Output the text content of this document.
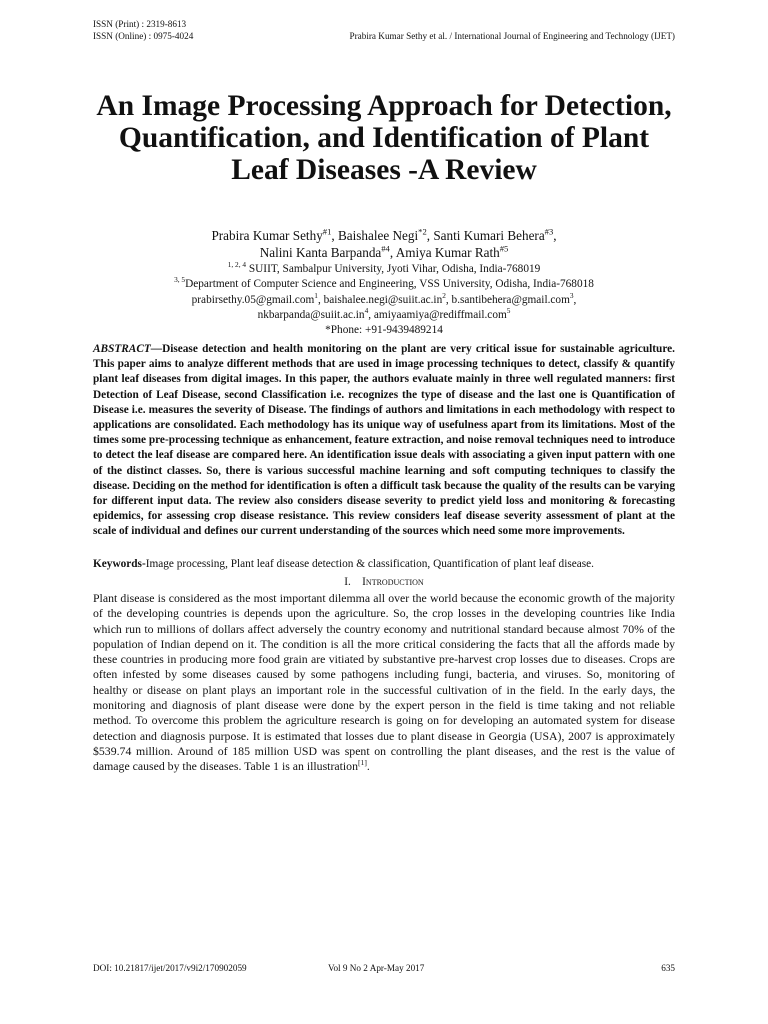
ISSN (Print) : 2319-8613
ISSN (Online) : 0975-4024	Prabira Kumar Sethy et al. / International Journal of Engineering and Technology (IJET)
An Image Processing Approach for Detection, Quantification, and Identification of Plant Leaf Diseases -A Review
Prabira Kumar Sethy$^{\#1}$, Baishalee Negi$^{*2}$, Santi Kumari Behera$^{\#3}$,
Nalini Kanta Barpanda$^{\#4}$, Amiya Kumar Rath$^{\#5}$
$^{1, 2, 4}$ SUIIT, Sambalpur University, Jyoti Vihar, Odisha, India-768019
$^{3, 5}$Department of Computer Science and Engineering, VSS University, Odisha, India-768018
prabirsethy.05@gmail.com$^1$, $baishalee.negi@suiit.ac.in^2$, b.santibehera@gmail.com$^3$,
$nkbarpanda@suiit.ac.in^4$, amiyaamiya@rediffmail.com$^5$
*Phone: +91-9439489214
ABSTRACT—Disease detection and health monitoring on the plant are very critical issue for sustainable agriculture. This paper aims to analyze different methods that are used in image processing techniques to detect, classify & quantify plant leaf diseases from digital images. In this paper, the authors evaluate mainly in three well regulated manners: first Detection of Leaf Disease, second Classification i.e. recognizes the type of disease and the last one is Quantification of Disease i.e. measures the severity of Disease. The findings of authors and limitations in each methodology with respect to applications are consolidated. Each methodology has its unique way of usefulness apart from its limitations. Most of the times some pre-processing technique as enhancement, feature extraction, and noise removal techniques need to introduce to detect the leaf disease are compared here. An identification issue deals with associating a given input pattern with one of the distinct classes. So, there is various successful machine learning and soft computing techniques to classify the disease. Deciding on the method for identification is often a difficult task because the quality of the results can be varying for different input data. The review also considers disease severity to predict yield loss and monitoring & forecasting epidemics, for assessing crop disease resistance. This review considers leaf disease severity assessment of plant at the scale of individual and defines our current understanding of the sources which need some more improvements.
Keywords-Image processing, Plant leaf disease detection & classification, Quantification of plant leaf disease.
I. Introduction
Plant disease is considered as the most important dilemma all over the world because the economic growth of the majority of the developing countries is depends upon the agriculture. So, the crop losses in the developing countries like India which run to millions of dollars affect adversely the country economy and nutritional standard because almost 70% of the population of Indian depend on it. The condition is all the more critical considering the facts that all the affords made by these countries in producing more food grain are vitiated by substantive pre-harvest crop losses due to diseases. Crops are often infested by some diseases caused by some pathogens including fungi, bacteria, and viruses. So, monitoring of healthy or disease on plant plays an important role in the successful cultivation of in the field. In the early days, the monitoring and diagnosis of plant disease were done by the expert person in the field is time taking and not reliable method. To overcome this problem the agriculture research is going on for developing an automated system for disease detection and diagnosis purpose. It is estimated that losses due to plant disease in Georgia (USA), 2007 is approximately $539.74 million. Around of 185 million USD was spent on controlling the plant diseases, and the rest is the value of damage caused by the diseases. Table 1 is an illustration[1].
DOI: 10.21817/ijet/2017/v9i2/170902059	Vol 9 No 2 Apr-May 2017	635
